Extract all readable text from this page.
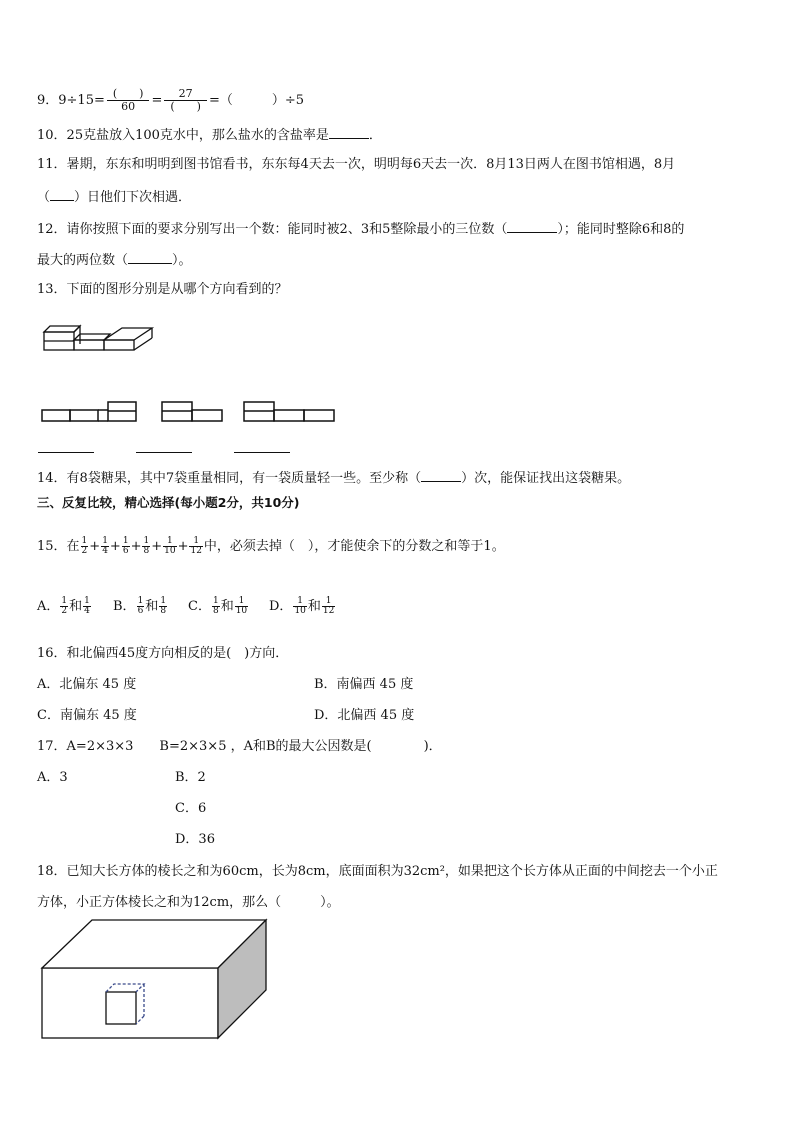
9．9÷15= (　　)
60	=	27
(　　) =（　　　）÷5
10．25克盐放入100克水中，那么盐水的含盐率是	．
11．暑期，东东和明明到图书馆看书，东东每4天去一次，明明每6天去一次．8月13日两人在图书馆相遇，8月
（ ）日他们下次相遇．
12．请你按照下面的要求分别写出一个数：能同时被2、3和5整除最小的三位数（	）；能同时整除6和8的
最大的两位数（	）。
13．下面的图形分别是从哪个方向看到的？
14．有8袋糖果，其中7袋重量相同，有一袋质量轻一些。至少称（	）次，能保证找出这袋糖果。
三、反复比较，精心选择(每小题2分，共10分)
15．在 $\frac{1}{2} + \frac{1}{4} + \frac{1}{6} + \frac{1}{8} + \frac{1}{10} + \frac{1}{12}$ 中，必须去掉（　），才能使余下的分数之和等于1。
A． $\frac{1}{2}$ 和 $\frac{1}{4}$ B． $\frac{1}{6}$ 和 $\frac{1}{8}$ C． $\frac{1}{8}$ 和 $\frac{1}{10}$ D． $\frac{1}{10}$ 和 $\frac{1}{12}$
16．和北偏西45度方向相反的是(　)方向．
A．北偏东 45 度	B．南偏西 45 度
C．南偏东 45 度	D．北偏西 45 度
17．A=2×3×3　　B=2×3×5 ，A和B的最大公因数是(　　　　)．
A．3	B．2
C．6
D．36
18．已知大长方体的棱长之和为60cm，长为8cm，底面面积为32cm²，如果把这个长方体从正面的中间挖去一个小正
方体，小正方体棱长之和为12cm，那么（　　　）。
